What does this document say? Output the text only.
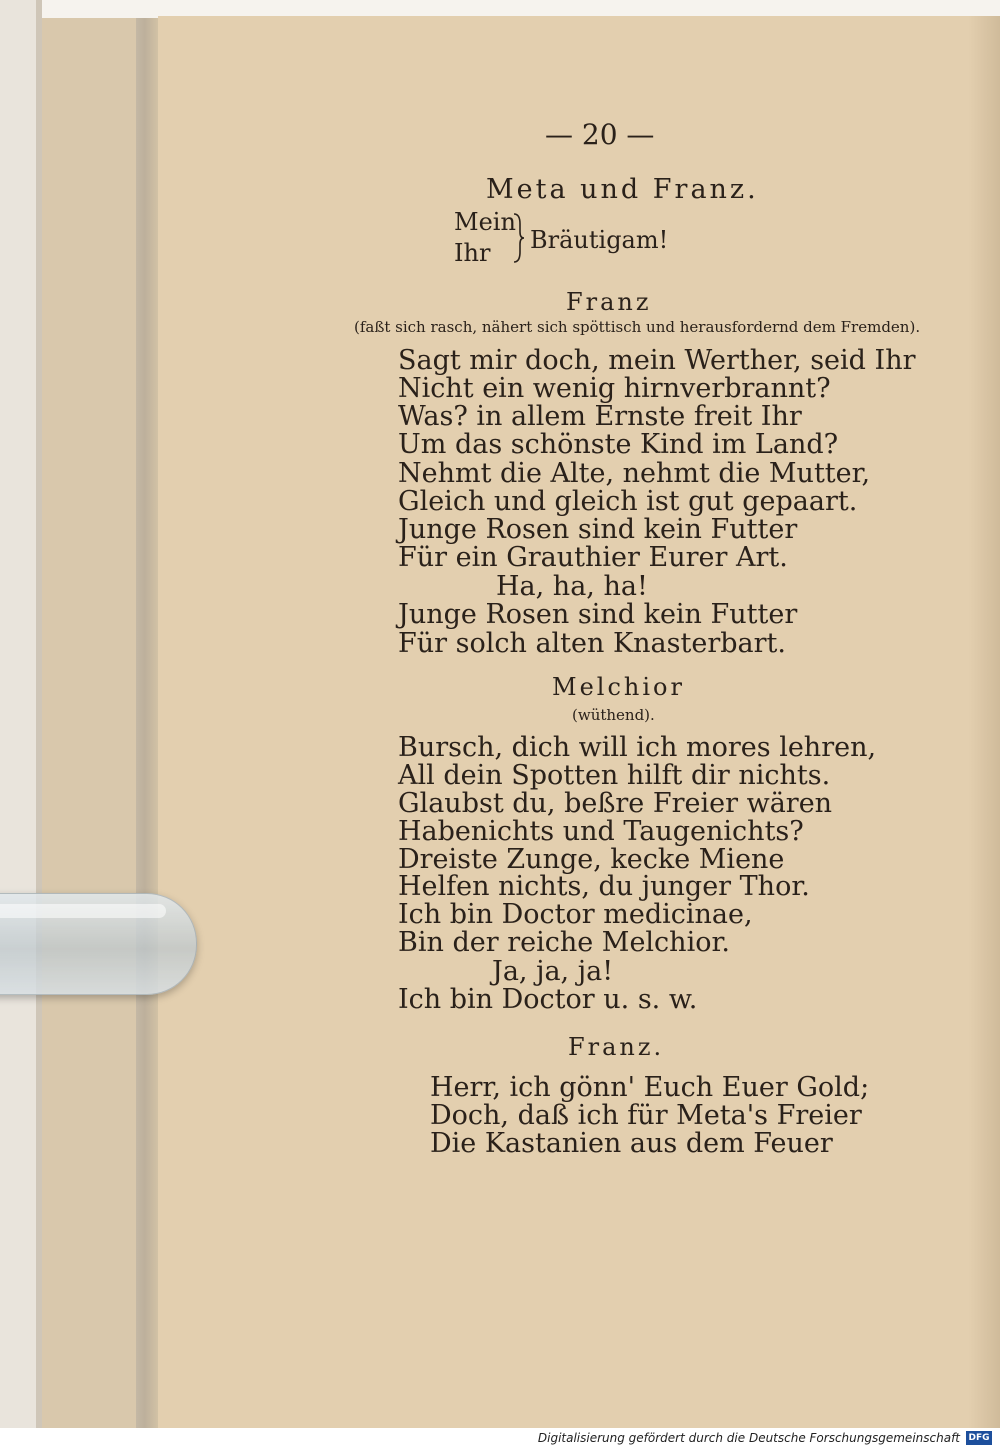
— 20 —
Meta und Franz.
Mein
Ihr Bräutigam!
Franz
(faßt sich rasch, nähert sich spöttisch und herausfordernd dem Fremden).
Sagt mir doch, mein Werther, seid Ihr
Nicht ein wenig hirnverbrannt?
Was? in allem Ernste freit Ihr
Um das schönste Kind im Land?
Nehmt die Alte, nehmt die Mutter,
Gleich und gleich ist gut gepaart.
Junge Rosen sind kein Futter
Für ein Grauthier Eurer Art.
Ha, ha, ha!
Junge Rosen sind kein Futter
Für solch alten Knasterbart.
Melchior
(wüthend).
Bursch, dich will ich mores lehren,
All dein Spotten hilft dir nichts.
Glaubst du, beßre Freier wären
Habenichts und Taugenichts?
Dreiste Zunge, kecke Miene
Helfen nichts, du junger Thor.
Ich bin Doctor medicinae,
Bin der reiche Melchior.
Ja, ja, ja!
Ich bin Doctor u. s. w.
Franz.
Herr, ich gönn' Euch Euer Gold;
Doch, daß ich für Meta's Freier
Die Kastanien aus dem Feuer
Digitalisierung gefördert durch die Deutsche Forschungsgemeinschaft DFG
